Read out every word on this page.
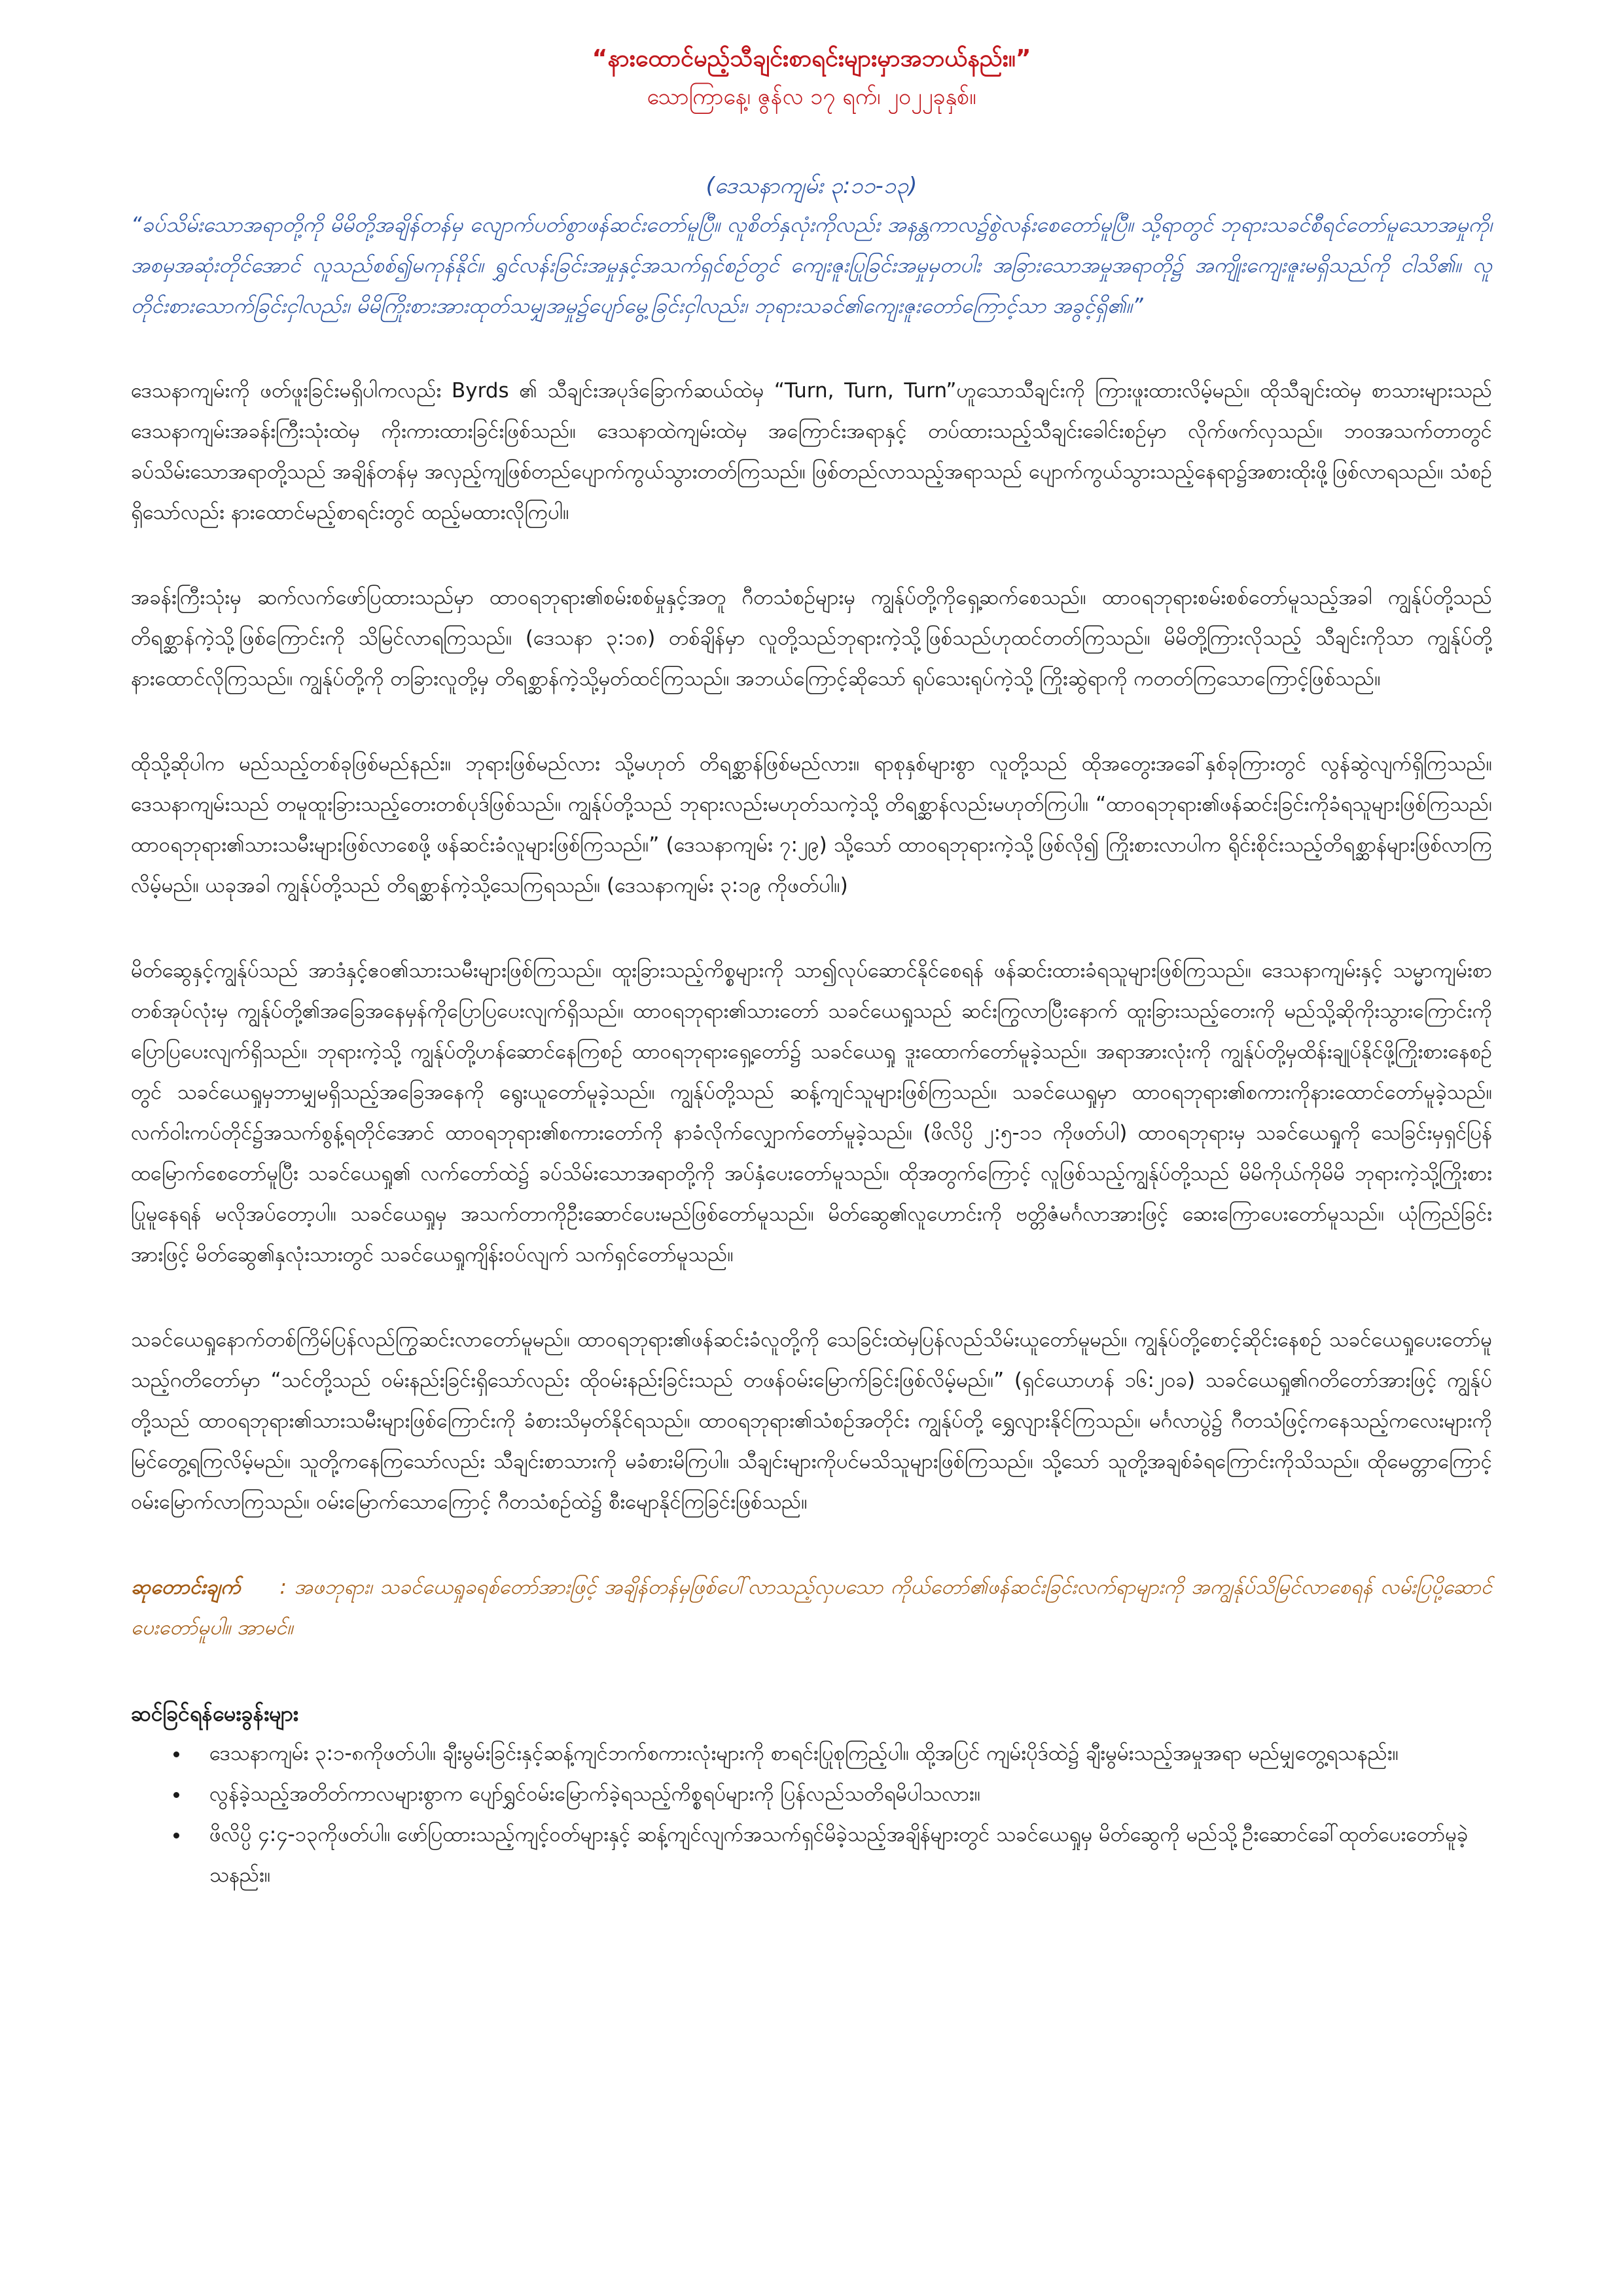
“နားထောင်မည့်သီချင်းစာရင်းများမှာအဘယ်နည်း။”

သောကြာနေ့၊ ဇွန်လ ၁၇ ရက်၊ ၂၀၂၂ခုနှစ်။

(ဒေသနာကျမ်း ၃:၁၁-၁၃)

“ခပ်သိမ်းသောအရာတို့ကို မိမိတို့အချိန်တန်မှ လျောက်ပတ်စွာဖန်ဆင်းတော်မူပြီ။ လူစိတ်နှလုံးကိုလည်း အနန္တကာလ၌စွဲလန်းစေတော်မူပြီ။ သို့ရာတွင် ဘုရားသခင်စီရင်တော်မူသောအမှုကို၊ အစမှအဆုံးတိုင်အောင် လူသည်စစ်၍မကုန်နိုင်။ ရွှင်လန်းခြင်းအမှုနှင့်အသက်ရှင်စဉ်တွင် ကျေးဇူးပြုခြင်းအမှုမှတပါး အခြားသောအမှုအရာတို၌ အကျိုးကျေးဇူးမရှိသည်ကို ငါသိ၏။ လူတိုင်းစားသောက်ခြင်းငှါလည်း၊ မိမိကြိုးစားအားထုတ်သမျှအမှု၌ပျော်မွေ့ခြင်းငှါလည်း၊ ဘုရားသခင်၏ကျေးဇူးတော်ကြောင့်သာ အခွင့်ရှိ၏။”

ဒေသနာကျမ်းကို ဖတ်ဖူးခြင်းမရှိပါကလည်း Byrds ၏ သီချင်းအပုဒ်ခြောက်ဆယ်ထဲမှ “Turn, Turn, Turn”ဟူသောသီချင်းကို ကြားဖူးထားလိမ့်မည်။ ထိုသီချင်းထဲမှ စာသားများသည် ဒေသနာကျမ်းအခန်းကြီးသုံးထဲမှ ကိုးကားထားခြင်းဖြစ်သည်။ ဒေသနာထဲကျမ်းထဲမှ အကြောင်းအရာနှင့် တပ်ထားသည့်သီချင်းခေါင်းစဉ်မှာ လိုက်ဖက်လှသည်။ ဘဝအသက်တာတွင် ခပ်သိမ်းသောအရာတို့သည် အချိန်တန်မှ အလှည့်ကျဖြစ်တည်ပျောက်ကွယ်သွားတတ်ကြသည်။ ဖြစ်တည်လာသည့်အရာသည် ပျောက်ကွယ်သွားသည့်နေရာ၌အစားထိုးဖို့ဖြစ်လာရသည်။ သံစဉ်ရှိသော်လည်း နားထောင်မည့်စာရင်းတွင် ထည့်မထားလိုကြပါ။

အခန်းကြီးသုံးမှ ဆက်လက်ဖော်ပြထားသည်မှာ ထာဝရဘုရား၏စမ်းစစ်မှုနှင့်အတူ ဂီတသံစဉ်များမှ ကျွန်ုပ်တို့ကိုရှေ့ဆက်စေသည်။ ထာဝရဘုရားစမ်းစစ်တော်မူသည့်အခါ ကျွန်ုပ်တို့သည် တိရစ္ဆာန်ကဲ့သို့ဖြစ်ကြောင်းကို သိမြင်လာရကြသည်။ (ဒေသနာ ၃:၁၈) တစ်ချိန်မှာ လူတို့သည်ဘုရားကဲ့သို့ဖြစ်သည်ဟုထင်တတ်ကြသည်။ မိမိတို့ကြားလိုသည့် သီချင်းကိုသာ ကျွန်ုပ်တို့နားထောင်လိုကြသည်။ ကျွန်ုပ်တို့ကို တခြားလူတို့မှ တိရစ္ဆာန်ကဲ့သို့မှတ်ထင်ကြသည်။ အဘယ်ကြောင့်ဆိုသော် ရုပ်သေးရုပ်ကဲ့သို့ ကြိုးဆွဲရာကို ကတတ်ကြသောကြောင့်ဖြစ်သည်။

ထိုသို့ဆိုပါက မည်သည့်တစ်ခုဖြစ်မည်နည်း။ ဘုရားဖြစ်မည်လား သို့မဟုတ် တိရစ္ဆာန်ဖြစ်မည်လား။ ရာစုနှစ်များစွာ လူတို့သည် ထိုအတွေးအခေါ်နှစ်ခုကြားတွင် လွန်ဆွဲလျက်ရှိကြသည်။ ဒေသနာကျမ်းသည် တမူထူးခြားသည့်တေးတစ်ပုဒ်ဖြစ်သည်။ ကျွန်ုပ်တို့သည် ဘုရားလည်းမဟုတ်သကဲ့သို့ တိရစ္ဆာန်လည်းမဟုတ်ကြပါ။ “ထာဝရဘုရား၏ဖန်ဆင်းခြင်းကိုခံရသူများဖြစ်ကြသည်၊ ထာဝရဘုရား၏သားသမီးများဖြစ်လာစေဖို့ ဖန်ဆင်းခံလူများဖြစ်ကြသည်။” (ဒေသနာကျမ်း ၇:၂၉) သို့သော် ထာဝရဘုရားကဲ့သို့ဖြစ်လို၍ ကြိုးစားလာပါက ရိုင်းစိုင်းသည့်တိရစ္ဆာန်များဖြစ်လာကြလိမ့်မည်။ ယခုအခါ ကျွန်ုပ်တို့သည် တိရစ္ဆာန်ကဲ့သို့သေကြရသည်။ (ဒေသနာကျမ်း ၃:၁၉ ကိုဖတ်ပါ။)

မိတ်ဆွေနှင့်ကျွန်ုပ်သည် အာဒံနှင့်ဧဝ၏သားသမီးများဖြစ်ကြသည်။ ထူးခြားသည့်ကိစ္စများကို သာ၍လုပ်ဆောင်နိုင်စေရန် ဖန်ဆင်းထားခံရသူများဖြစ်ကြသည်။ ဒေသနာကျမ်းနှင့် သမ္မာကျမ်းစာတစ်အုပ်လုံးမှ ကျွန်ုပ်တို့၏အခြေအနေမှန်ကိုပြောပြပေးလျက်ရှိသည်။ ထာဝရဘုရား၏သားတော် သခင်ယေရှုသည် ဆင်းကြွလာပြီးနောက် ထူးခြားသည့်တေးကို မည်သို့ဆိုကိုးသွားကြောင်းကိုပြောပြပေးလျက်ရှိသည်။ ဘုရားကဲ့သို့ ကျွန်ုပ်တို့ဟန်ဆောင်နေကြစဉ် ထာဝရဘုရားရှေ့တော်၌ သခင်ယေရှု ဒူးထောက်တော်မူခဲ့သည်။ အရာအားလုံးကို ကျွန်ုပ်တို့မှထိန်းချုပ်နိုင်ဖို့ကြိုးစားနေစဉ်တွင် သခင်ယေရှုမှဘာမျှမရှိသည့်အခြေအနေကို ရွေးယူတော်မူခဲ့သည်။ ကျွန်ုပ်တို့သည် ဆန့်ကျင်သူများဖြစ်ကြသည်။ သခင်ယေရှုမှာ ထာဝရဘုရား၏စကားကိုနားထောင်တော်မူခဲ့သည်။ လက်ဝါးကပ်တိုင်၌အသက်စွန့်ရတိုင်အောင် ထာဝရဘုရား၏စကားတော်ကို နာခံလိုက်လျှောက်တော်မူခဲ့သည်။ (ဖိလိပ္ပိ ၂:၅-၁၁ ကိုဖတ်ပါ) ထာဝရဘုရားမှ သခင်ယေရှုကို သေခြင်းမှရှင်ပြန်ထမြောက်စေတော်မူပြီး သခင်ယေရှု၏ လက်တော်ထဲ၌ ခပ်သိမ်းသောအရာတို့ကို အပ်နှံပေးတော်မူသည်။ ထိုအတွက်ကြောင့် လူဖြစ်သည့်ကျွန်ုပ်တို့သည် မိမိကိုယ်ကိုမိမိ ဘုရားကဲ့သို့ကြိုးစားပြုမူနေရန် မလိုအပ်တော့ပါ။ သခင်ယေရှုမှ အသက်တာကိုဦးဆောင်ပေးမည်ဖြစ်တော်မူသည်။ မိတ်ဆွေ၏လူဟောင်းကို ဗတ္တိဇံမင်္ဂလာအားဖြင့် ဆေးကြောပေးတော်မူသည်။ ယုံကြည်ခြင်းအားဖြင့် မိတ်ဆွေ၏နှလုံးသားတွင် သခင်ယေရှုကျိန်းဝပ်လျက် သက်ရှင်တော်မူသည်။

သခင်ယေရှုနောက်တစ်ကြိမ်ပြန်လည်ကြွဆင်းလာတော်မူမည်။ ထာဝရဘုရား၏ဖန်ဆင်းခံလူတို့ကို သေခြင်းထဲမှပြန်လည်သိမ်းယူတော်မူမည်။ ကျွန်ုပ်တို့စောင့်ဆိုင်းနေစဉ် သခင်ယေရှုပေးတော်မူသည့်ဂတိတော်မှာ “သင်တို့သည် ဝမ်းနည်းခြင်းရှိသော်လည်း ထိုဝမ်းနည်းခြင်းသည် တဖန်ဝမ်းမြောက်ခြင်းဖြစ်လိမ့်မည်။” (ရှင်ယောဟန် ၁၆:၂၀ခ) သခင်ယေရှု၏ဂတိတော်အားဖြင့် ကျွန်ုပ်တို့သည် ထာဝရဘုရား၏သားသမီးများဖြစ်ကြောင်းကို ခံစားသိမှတ်နိုင်ရသည်။ ထာဝရဘုရား၏သံစဉ်အတိုင်း ကျွန်ုပ်တို့ ရွှေလျားနိုင်ကြသည်။ မင်္ဂလာပွဲ၌ ဂီတသံဖြင့်ကနေသည့်ကလေးများကို မြင်တွေ့ရကြလိမ့်မည်။ သူတို့ကနေကြသော်လည်း သီချင်းစာသားကို မခံစားမိကြပါ။ သီချင်းများကိုပင်မသိသူများဖြစ်ကြသည်။ သို့သော် သူတို့အချစ်ခံရကြောင်းကိုသိသည်။ ထိုမေတ္တာကြောင့်ဝမ်းမြောက်လာကြသည်။ ဝမ်းမြောက်သောကြောင့် ဂီတသံစဉ်ထဲ၌ စီးမျောနိုင်ကြခြင်းဖြစ်သည်။

ဆုတောင်းချက် : အဖဘုရား၊ သခင်ယေရှုခရစ်တော်အားဖြင့် အချိန်တန်မှဖြစ်ပေါ်လာသည့်လှပသော ကိုယ်တော်၏ဖန်ဆင်းခြင်းလက်ရာများကို အကျွန်ုပ်သိမြင်လာစေရန် လမ်းပြပို့ဆောင်ပေးတော်မူပါ။ အာမင်။

ဆင်ခြင်ရန်မေးခွန်းများ

• ဒေသနာကျမ်း ၃:၁-၈ကိုဖတ်ပါ။ ချီးမွမ်းခြင်းနှင့်ဆန့်ကျင်ဘက်စကားလုံးများကို စာရင်းပြုစုကြည့်ပါ။ ထို့အပြင် ကျမ်းပိုဒ်ထဲ၌ ချီးမွမ်းသည့်အမှုအရာ မည်မျှတွေ့ရသနည်း။
• လွန်ခဲ့သည့်အတိတ်ကာလများစွာက ပျော်ရွှင်ဝမ်းမြောက်ခဲ့ရသည့်ကိစ္စရပ်များကို ပြန်လည်သတိရမိပါသလား။
• ဖိလိပ္ပိ ၄:၄-၁၃ကိုဖတ်ပါ။ ဖော်ပြထားသည့်ကျင့်ဝတ်များနှင့် ဆန့်ကျင်လျက်အသက်ရှင်မိခဲ့သည့်အချိန်များတွင် သခင်ယေရှုမှ မိတ်ဆွေကို မည်သို့ဦးဆောင်ခေါ်ထုတ်ပေးတော်မူခဲ့သနည်း။
